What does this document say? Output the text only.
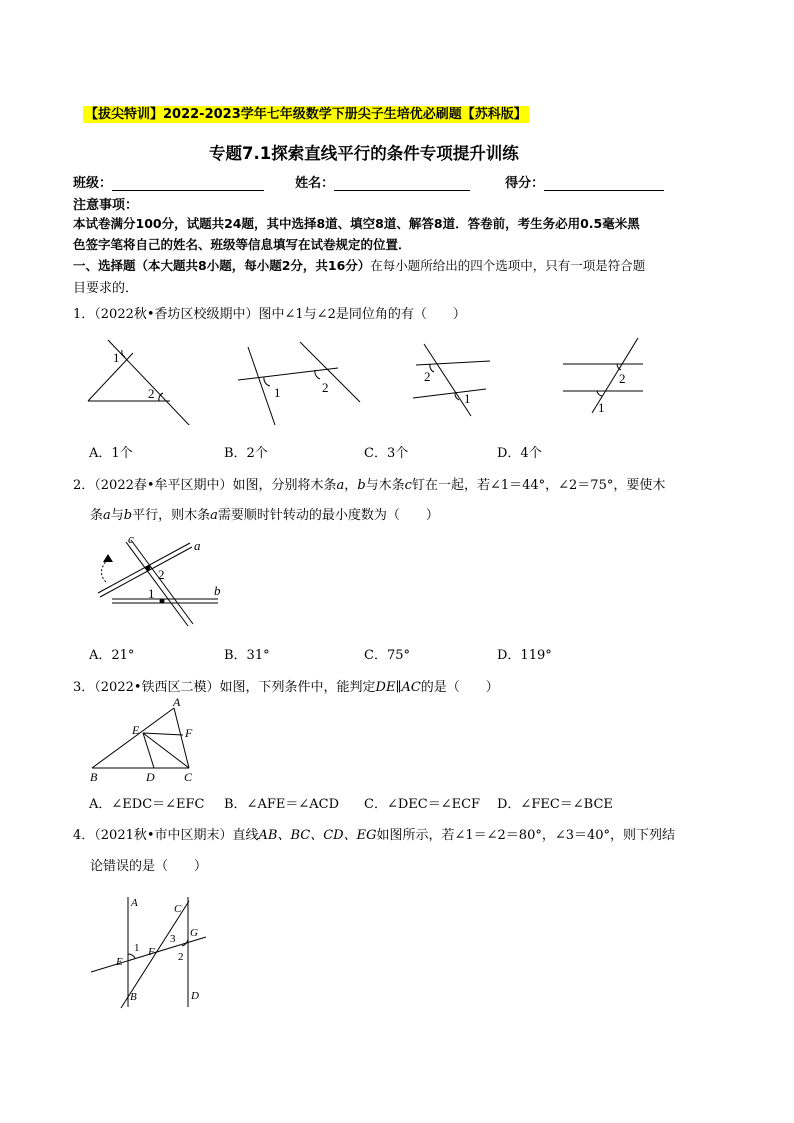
【拔尖特训】2022-2023学年七年级数学下册尖子生培优必刷题【苏科版】
专题7.1探索直线平行的条件专项提升训练
班级：	姓名：	得分：
注意事项：
本试卷满分100分，试题共24题，其中选择8道、填空8道、解答8道．答卷前，考生务必用0.5毫米黑
色签字笔将自己的姓名、班级等信息填写在试卷规定的位置．
一、选择题（本大题共8小题，每小题2分，共16分）在每小题所给出的四个选项中，只有一项是符合题
目要求的．
1．（2022秋•香坊区校级期中）图中∠1与∠2是同位角的有（　　）
1
2	1	2
2
1
2
1
A．1个	B．2个	C．3个	D．4个
2．（2022春•牟平区期中）如图，分别将木条a，b与木条c钉在一起，若∠1＝44°，∠2＝75°，要使木
条a与b平行，则木条a需要顺时针转动的最小度数为（　　）
c	a
b
2
1
A．21°	B．31°	C．75°	D．119°
3．（2022•铁西区二模）如图，下列条件中，能判定DE∥AC的是（　　）
A
E	F
B	D C
A．∠EDC＝∠EFC B．∠AFE＝∠ACD C．∠DEC＝∠ECF D．∠FEC＝∠BCE
4．（2021秋•市中区期末）直线AB、BC、CD、EG如图所示，若∠1＝∠2＝80°，∠3＝40°，则下列结
论错误的是（　　）
A	C
G
F
E
B	D
1
3
2
